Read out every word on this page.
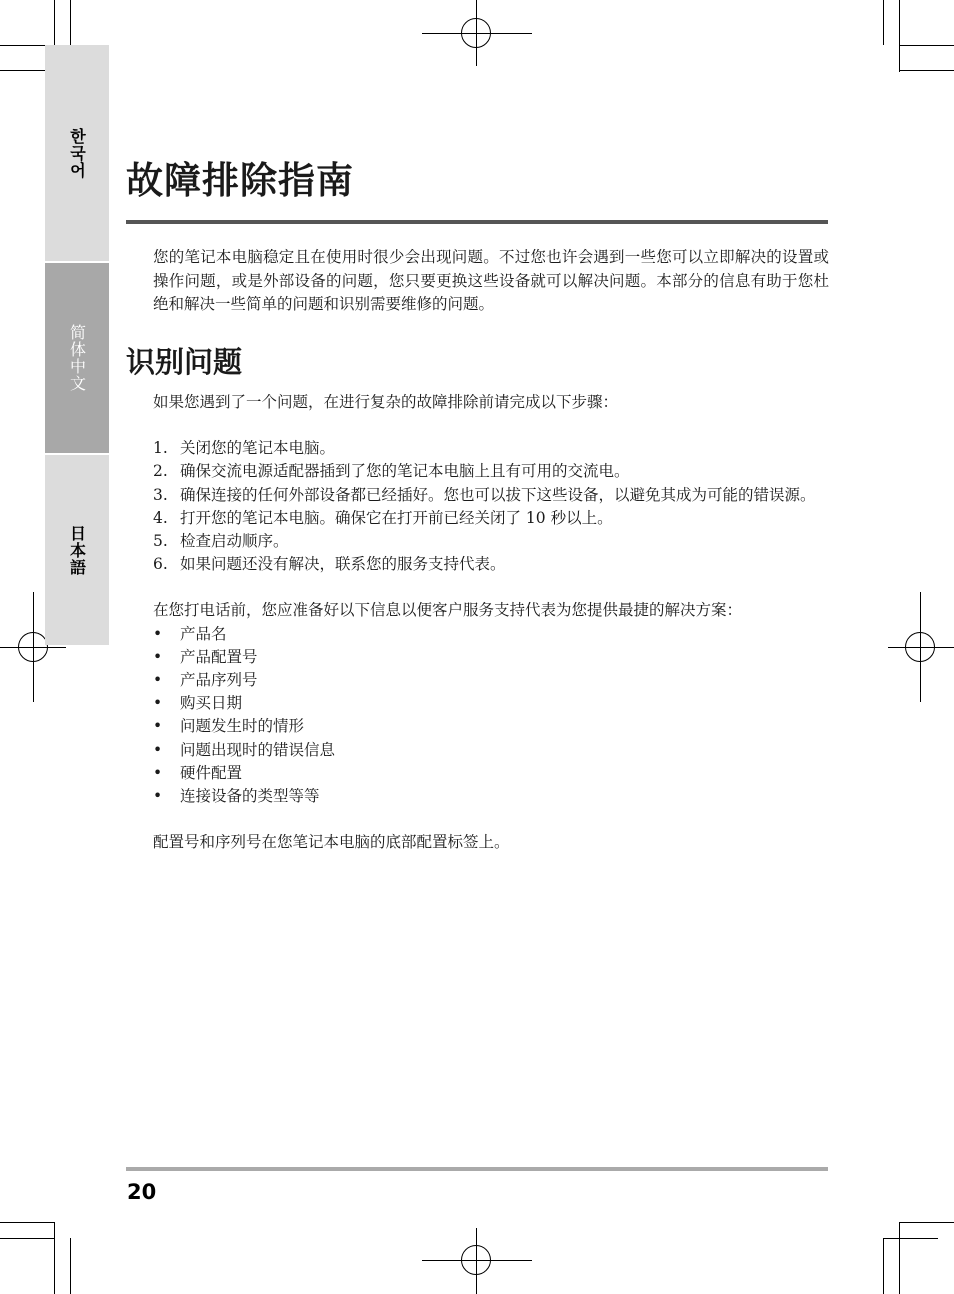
한국어
简体中文
日本語
故障排除指南

您的笔记本电脑稳定且在使用时很少会出现问题。不过您也许会遇到一些您可以立即解决的设置或操作问题，或是外部设备的问题，您只要更换这些设备就可以解决问题。本部分的信息有助于您杜绝和解决一些简单的问题和识别需要维修的问题。

识别问题

如果您遇到了一个问题，在进行复杂的故障排除前请完成以下步骤：

1. 关闭您的笔记本电脑。
2. 确保交流电源适配器插到了您的笔记本电脑上且有可用的交流电。
3. 确保连接的任何外部设备都已经插好。您也可以拔下这些设备，以避免其成为可能的错误源。
4. 打开您的笔记本电脑。确保它在打开前已经关闭了 10 秒以上。
5. 检查启动顺序。
6. 如果问题还没有解决，联系您的服务支持代表。

在您打电话前，您应准备好以下信息以便客户服务支持代表为您提供最捷的解决方案：

• 产品名
• 产品配置号
• 产品序列号
• 购买日期
• 问题发生时的情形
• 问题出现时的错误信息
• 硬件配置
• 连接设备的类型等等

配置号和序列号在您笔记本电脑的底部配置标签上。

20
